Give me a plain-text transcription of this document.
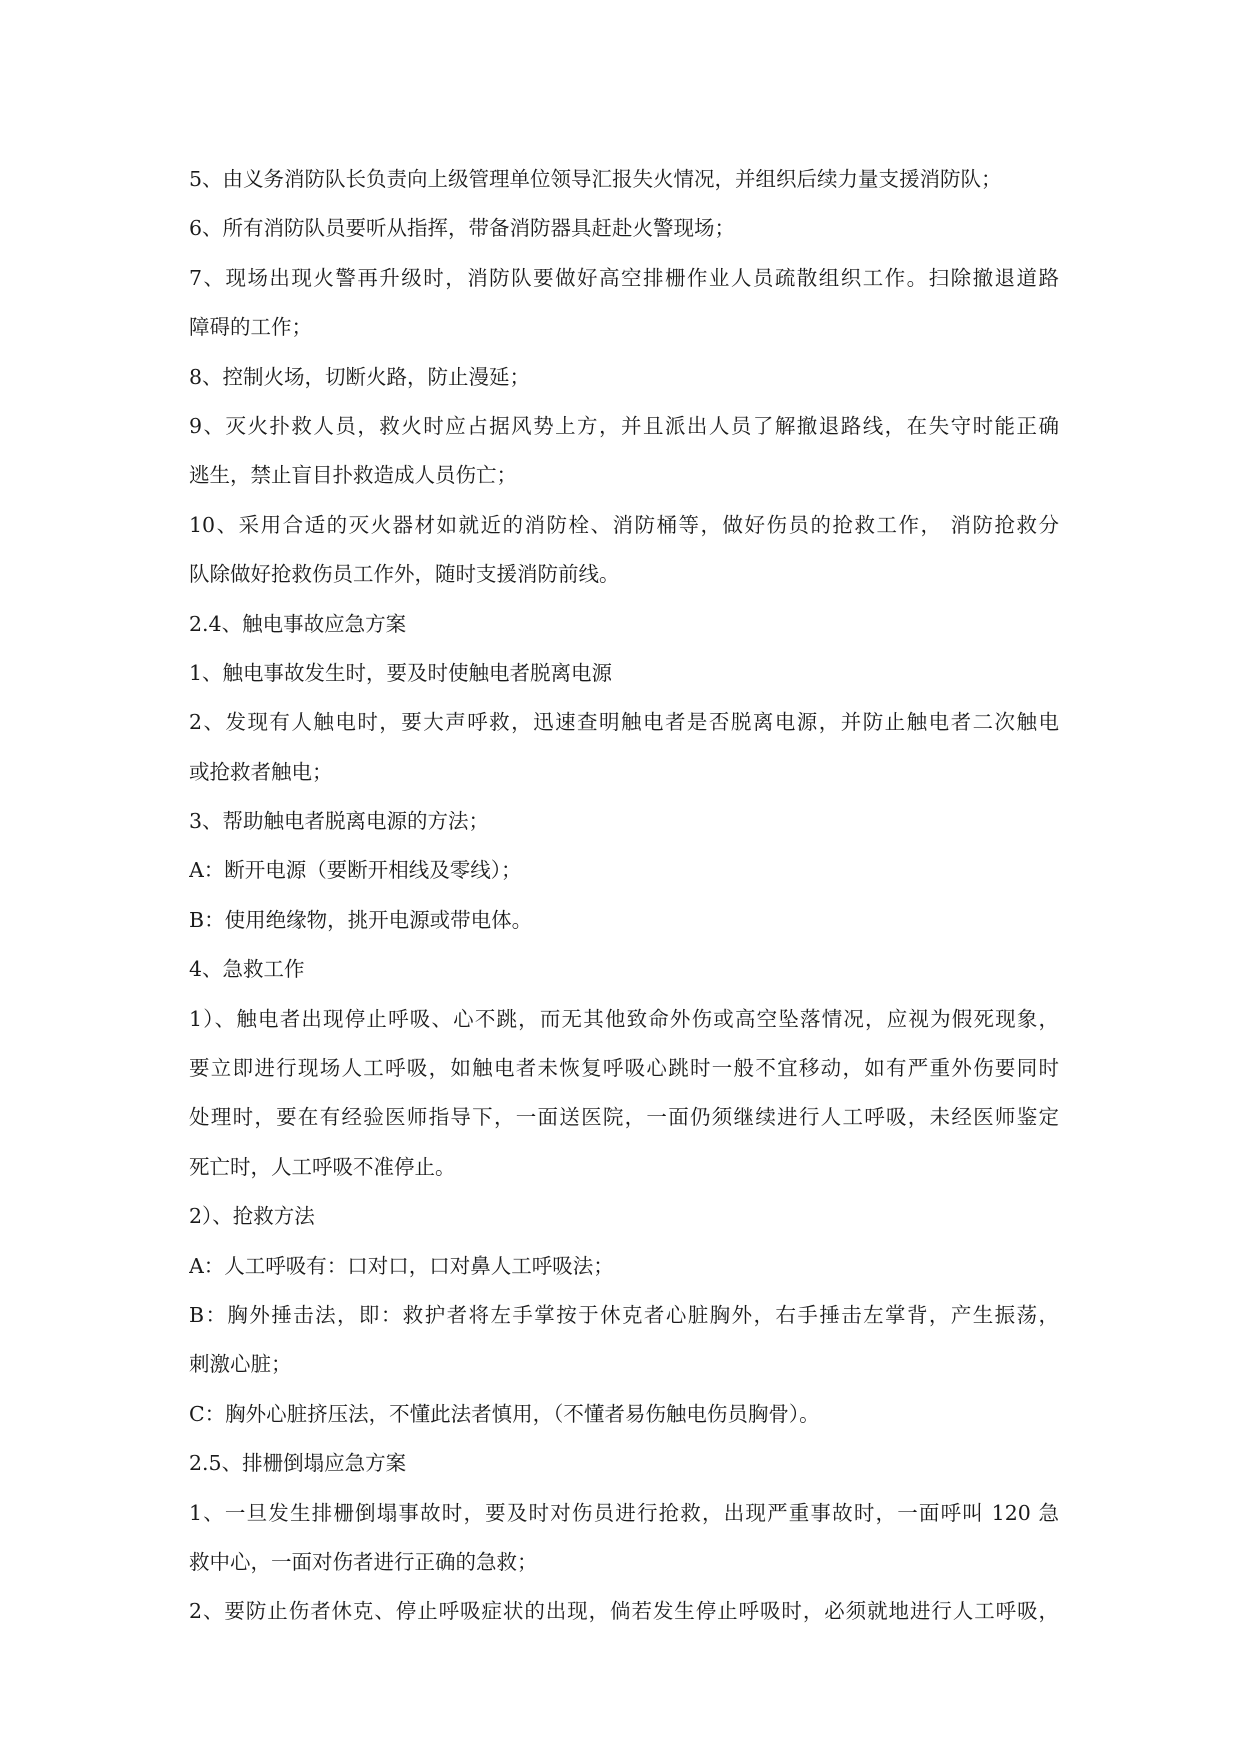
5、由义务消防队长负责向上级管理单位领导汇报失火情况，并组织后续力量支援消防队；
6、所有消防队员要听从指挥，带备消防器具赶赴火警现场；
7、现场出现火警再升级时，消防队要做好高空排栅作业人员疏散组织工作。扫除撤退道路
障碍的工作；
8、控制火场，切断火路，防止漫延；
9、灭火扑救人员，救火时应占据风势上方，并且派出人员了解撤退路线，在失守时能正确
逃生，禁止盲目扑救造成人员伤亡；
10、采用合适的灭火器材如就近的消防栓、消防桶等，做好伤员的抢救工作， 消防抢救分
队除做好抢救伤员工作外，随时支援消防前线。
2.4、触电事故应急方案
1、触电事故发生时，要及时使触电者脱离电源
2、发现有人触电时，要大声呼救，迅速查明触电者是否脱离电源，并防止触电者二次触电
或抢救者触电；
3、帮助触电者脱离电源的方法；
A：断开电源（要断开相线及零线）；
B：使用绝缘物，挑开电源或带电体。
4、急救工作
1）、触电者出现停止呼吸、心不跳，而无其他致命外伤或高空坠落情况，应视为假死现象，
要立即进行现场人工呼吸，如触电者未恢复呼吸心跳时一般不宜移动，如有严重外伤要同时
处理时，要在有经验医师指导下，一面送医院，一面仍须继续进行人工呼吸，未经医师鉴定
死亡时，人工呼吸不准停止。
2）、抢救方法
A：人工呼吸有：口对口，口对鼻人工呼吸法；
B：胸外捶击法，即：救护者将左手掌按于休克者心脏胸外，右手捶击左掌背，产生振荡，
刺激心脏；
C：胸外心脏挤压法，不懂此法者慎用，（不懂者易伤触电伤员胸骨）。
2.5、排栅倒塌应急方案
1、一旦发生排栅倒塌事故时，要及时对伤员进行抢救，出现严重事故时，一面呼叫 120 急
救中心，一面对伤者进行正确的急救；
2、要防止伤者休克、停止呼吸症状的出现，倘若发生停止呼吸时，必须就地进行人工呼吸，
